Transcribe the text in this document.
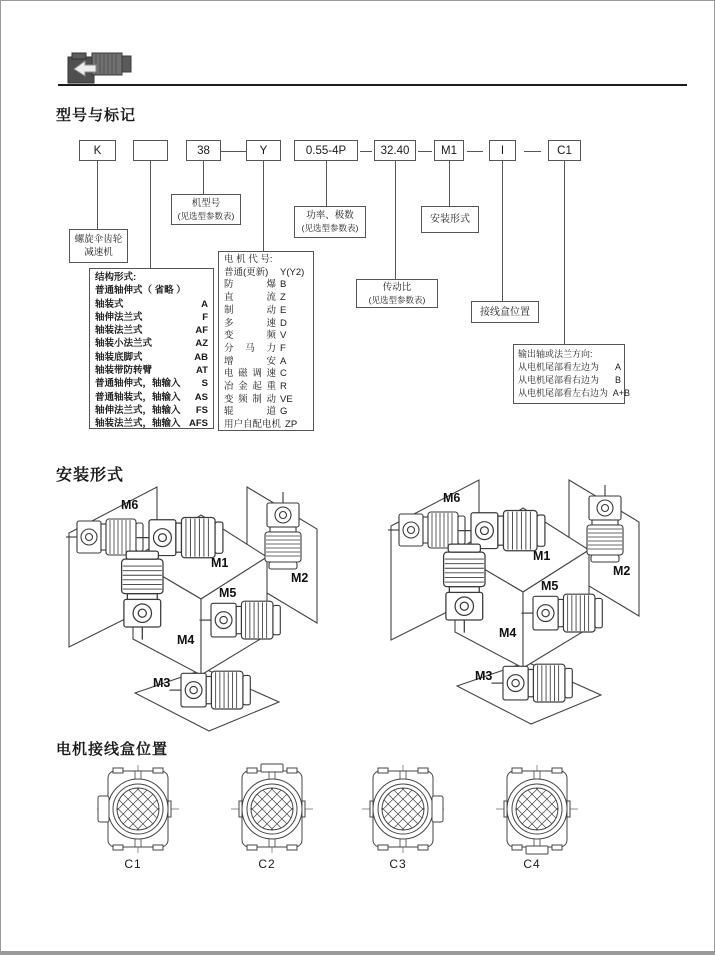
型号与标记
K	38	Y	0.55-4P	32.40	M1	I	C1
机型号
(见选型参数表)	功率、极数
(见选型参数表)
安装形式
螺旋伞齿轮
减速机
传动比
(见选型参数表)
接线盒位置
结构形式:
普通轴伸式（ 省略 ）
轴装式	A
轴伸法兰式	F
轴装法兰式	AF
轴装小法兰式	AZ
轴装底脚式	AB
轴装带防转臂	AT
普通轴伸式，轴输入	S
普通轴装式，轴输入	AS
轴伸法兰式，轴输入	FS
轴装法兰式，轴输入 AFS
电 机 代 号:
普通(更新)	Y(Y2)
防爆 B
直流 Z
制动 E
多速 D
变频 V
分马力 F
增安 A
电磁调速 C
冶金起重 R
变频制动 VE
辊道 G
用户自配电机 ZP
输出轴或法兰方向:
从电机尾部看左边为	A
从电机尾部看右边为	B
从电机尾部看左右边为 A+B
安装形式
电机接线盒位置
C1	C2	C3	C4
